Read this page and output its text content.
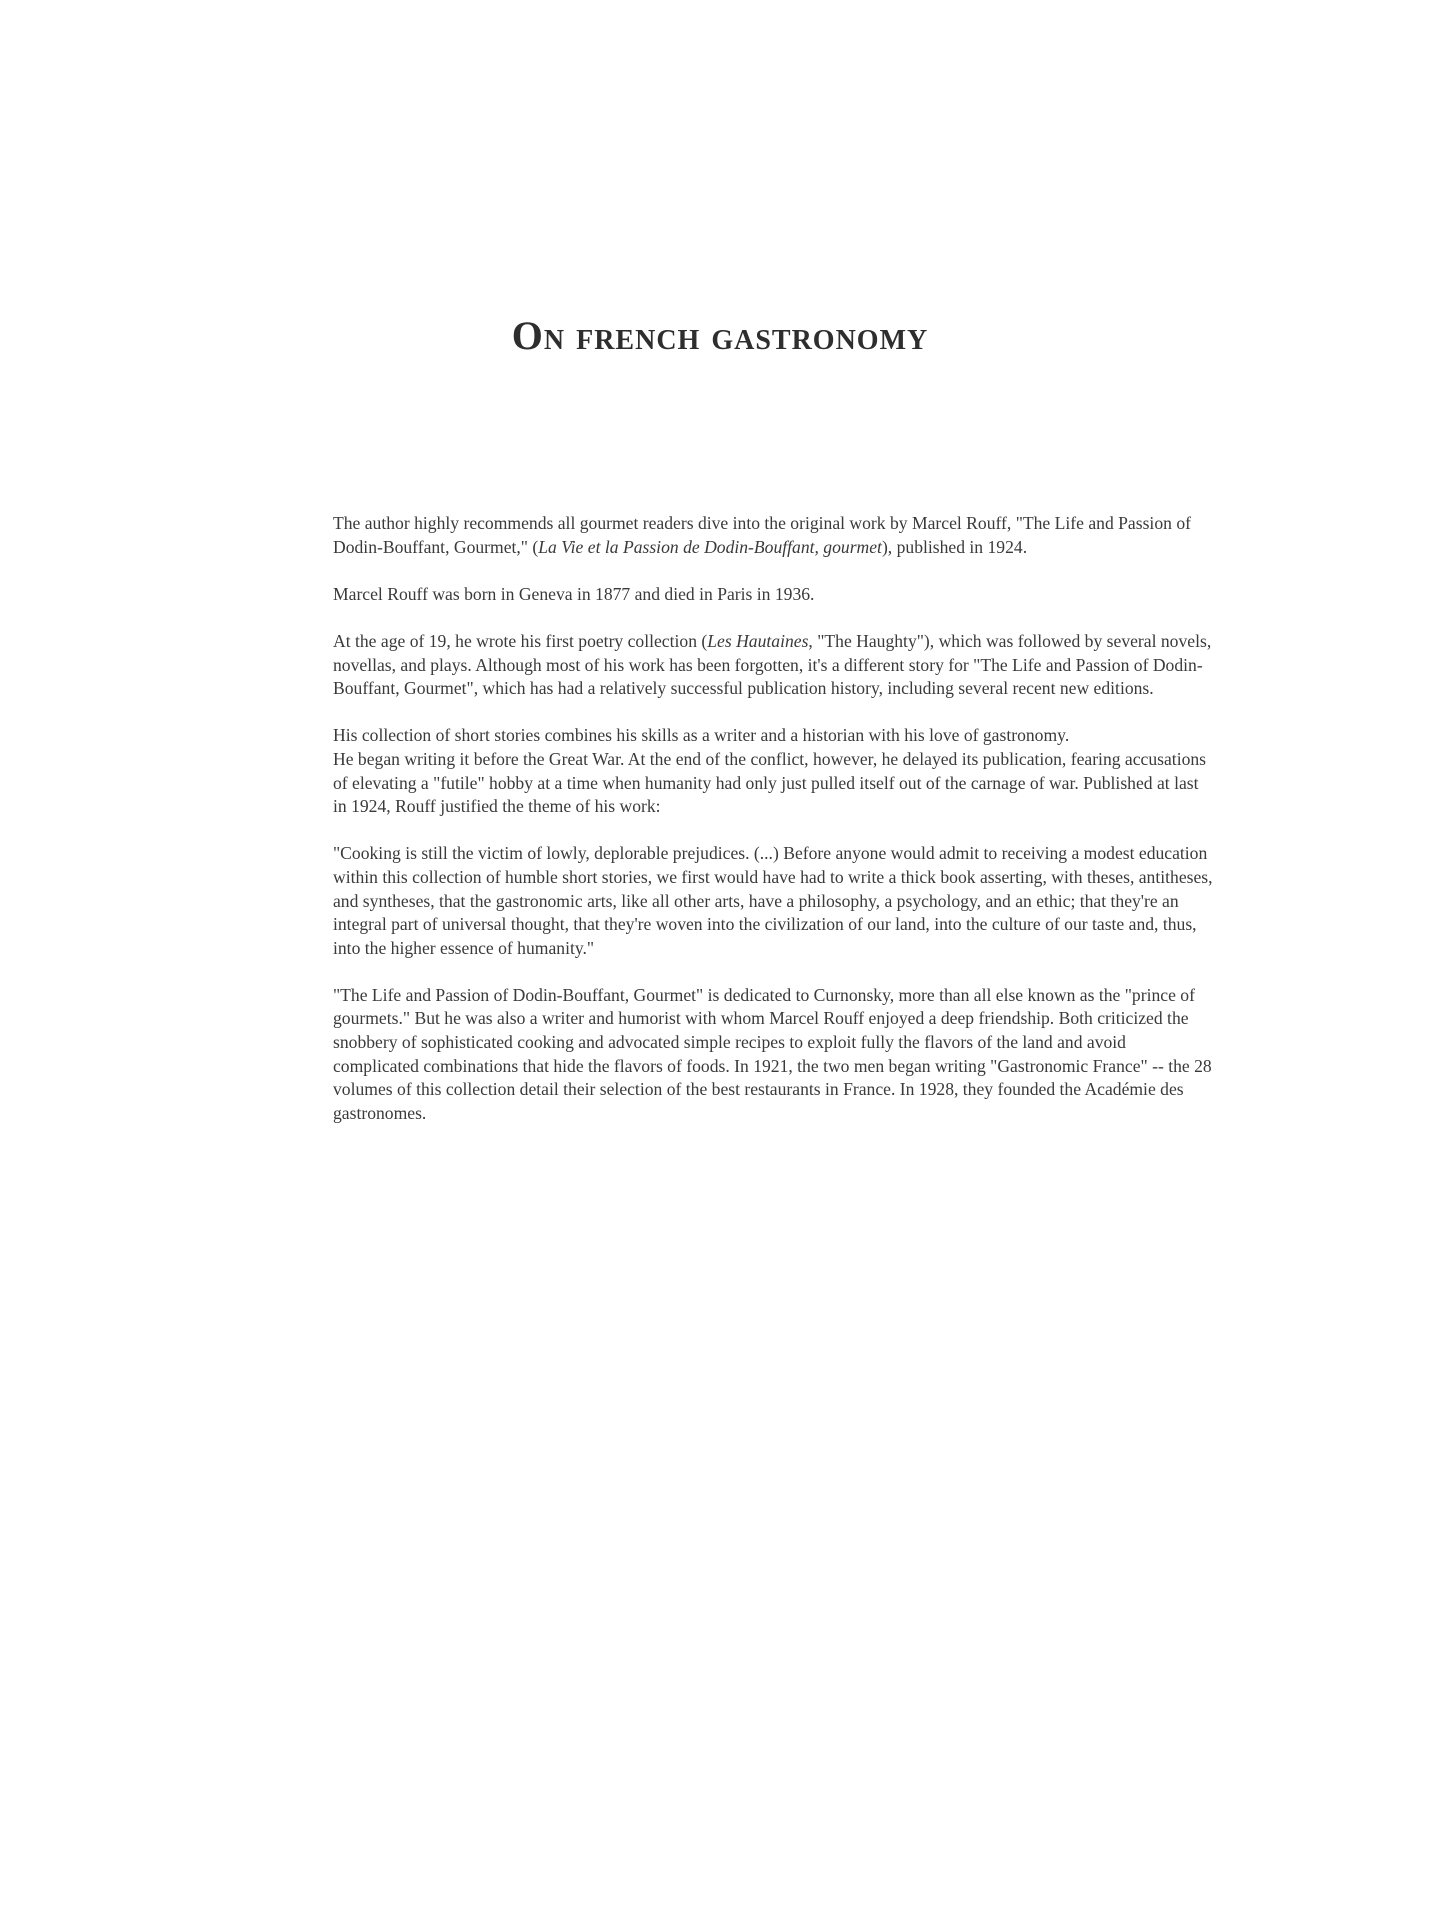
On french gastronomy

The author highly recommends all gourmet readers dive into the original work by Marcel Rouff, "The Life and Passion of Dodin-Bouffant, Gourmet," (La Vie et la Passion de Dodin-Bouffant, gourmet), published in 1924.

Marcel Rouff was born in Geneva in 1877 and died in Paris in 1936.

At the age of 19, he wrote his first poetry collection (Les Hautaines, "The Haughty"), which was followed by several novels, novellas, and plays. Although most of his work has been forgotten, it's a different story for "The Life and Passion of Dodin-Bouffant, Gourmet", which has had a relatively successful publication history, including several recent new editions.

His collection of short stories combines his skills as a writer and a historian with his love of gastronomy.

He began writing it before the Great War. At the end of the conflict, however, he delayed its publication, fearing accusations of elevating a "futile" hobby at a time when humanity had only just pulled itself out of the carnage of war. Published at last in 1924, Rouff justified the theme of his work:

"Cooking is still the victim of lowly, deplorable prejudices. (...) Before anyone would admit to receiving a modest education within this collection of humble short stories, we first would have had to write a thick book asserting, with theses, antitheses, and syntheses, that the gastronomic arts, like all other arts, have a philosophy, a psychology, and an ethic; that they're an integral part of universal thought, that they're woven into the civilization of our land, into the culture of our taste and, thus, into the higher essence of humanity."

"The Life and Passion of Dodin-Bouffant, Gourmet" is dedicated to Curnonsky, more than all else known as the "prince of gourmets." But he was also a writer and humorist with whom Marcel Rouff enjoyed a deep friendship. Both criticized the snobbery of sophisticated cooking and advocated simple recipes to exploit fully the flavors of the land and avoid complicated combinations that hide the flavors of foods. In 1921, the two men began writing "Gastronomic France" -- the 28 volumes of this collection detail their selection of the best restaurants in France. In 1928, they founded the Académie des gastronomes.
